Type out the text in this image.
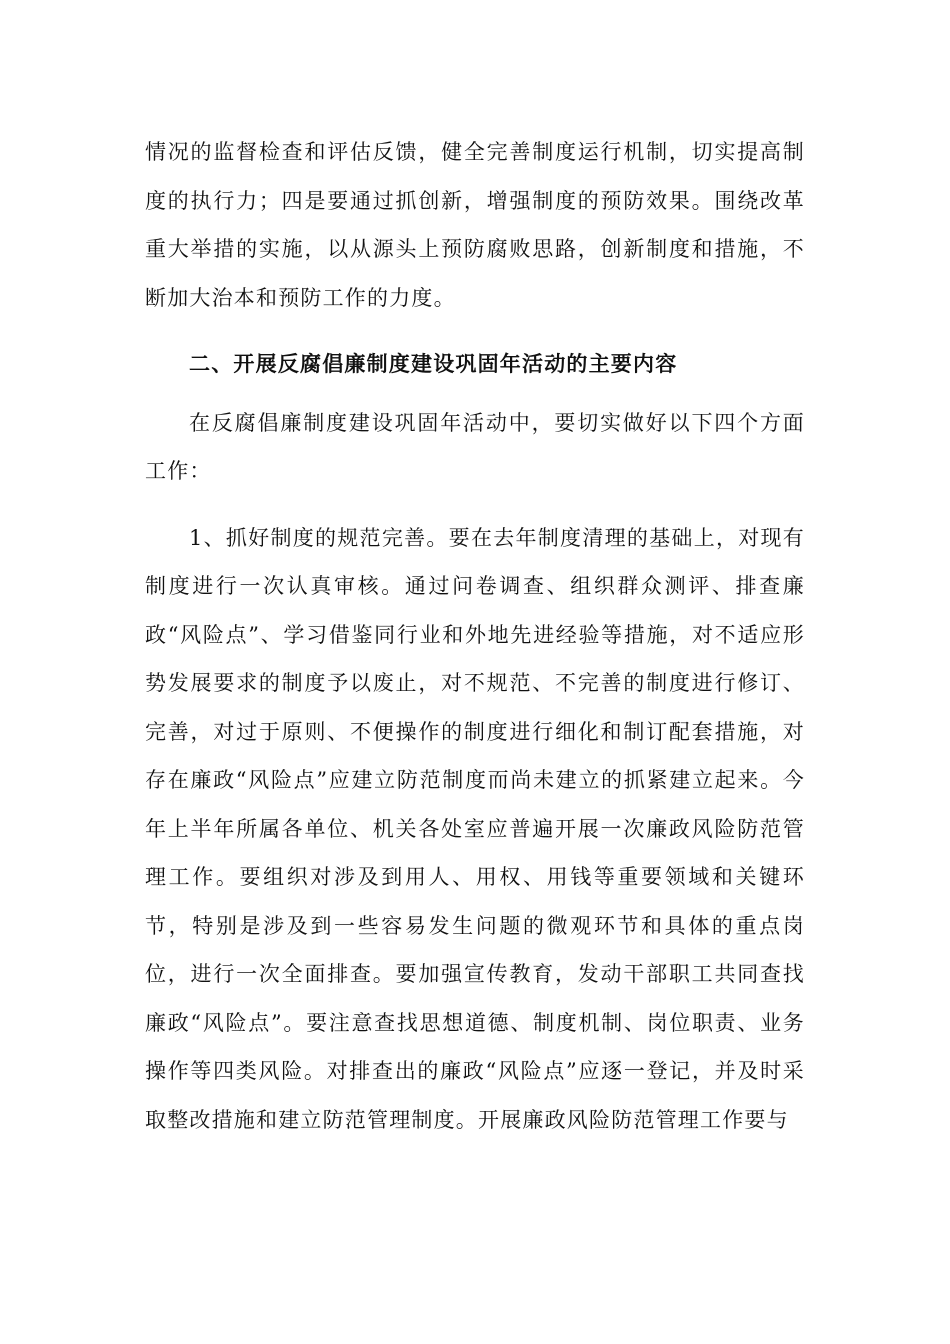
情况的监督检查和评估反馈，健全完善制度运行机制，切实提高制度的执行力；四是要通过抓创新，增强制度的预防效果。围绕改革重大举措的实施，以从源头上预防腐败思路，创新制度和措施，不断加大治本和预防工作的力度。

二、开展反腐倡廉制度建设巩固年活动的主要内容

在反腐倡廉制度建设巩固年活动中，要切实做好以下四个方面工作：

1、抓好制度的规范完善。要在去年制度清理的基础上，对现有制度进行一次认真审核。通过问卷调查、组织群众测评、排查廉政“风险点”、学习借鉴同行业和外地先进经验等措施，对不适应形势发展要求的制度予以废止，对不规范、不完善的制度进行修订、完善，对过于原则、不便操作的制度进行细化和制订配套措施，对存在廉政“风险点”应建立防范制度而尚未建立的抓紧建立起来。今年上半年所属各单位、机关各处室应普遍开展一次廉政风险防范管理工作。要组织对涉及到用人、用权、用钱等重要领域和关键环节，特别是涉及到一些容易发生问题的微观环节和具体的重点岗位，进行一次全面排查。要加强宣传教育，发动干部职工共同查找廉政“风险点”。要注意查找思想道德、制度机制、岗位职责、业务操作等四类风险。对排查出的廉政“风险点”应逐一登记，并及时采取整改措施和建立防范管理制度。开展廉政风险防范管理工作要与
